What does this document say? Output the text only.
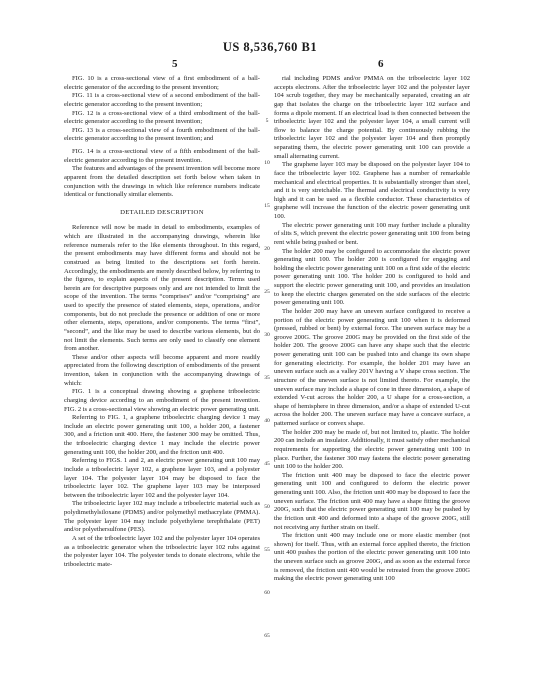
US 8,536,760 B1
5	6

FIG. 10 is a cross-sectional view of a first embodiment of a ball-electric generator of the according to the present invention;

FIG. 11 is a cross-sectional view of a second embodiment of the ball-electric generator according to the present invention;

FIG. 12 is a cross-sectional view of a third embodiment of the ball-electric generator according to the present invention;

FIG. 13 is a cross-sectional view of a fourth embodiment of the ball-electric generator according to the present invention; and

FIG. 14 is a cross-sectional view of a fifth embodiment of the ball-electric generator according to the present invention.

The features and advantages of the present invention will become more apparent from the detailed description set forth below when taken in conjunction with the drawings in which like reference numbers indicate identical or functionally similar elements.

DETAILED DESCRIPTION

Reference will now be made in detail to embodiments, examples of which are illustrated in the accompanying drawings, wherein like reference numerals refer to the like elements throughout. In this regard, the present embodiments may have different forms and should not be construed as being limited to the descriptions set forth herein. Accordingly, the embodiments are merely described below, by referring to the figures, to explain aspects of the present description. Terms used herein are for descriptive purposes only and are not intended to limit the scope of the invention. The terms “comprises” and/or “comprising” are used to specify the presence of stated elements, steps, operations, and/or components, but do not preclude the presence or addition of one or more other elements, steps, operations, and/or components. The terms “first”, “second”, and the like may be used to describe various elements, but do not limit the elements. Such terms are only used to classify one element from another.

These and/or other aspects will become apparent and more readily appreciated from the following description of embodiments of the present invention, taken in conjunction with the accompanying drawings of which:

FIG. 1 is a conceptual drawing showing a graphene triboelectric charging device according to an embodiment of the present invention. FIG. 2 is a cross-sectional view showing an electric power generating unit.

Referring to FIG. 1, a graphene triboelectric charging device 1 may include an electric power generating unit 100, a holder 200, a fastener 300, and a friction unit 400. Here, the fastener 300 may be omitted. Thus, the triboelectric charging device 1 may include the electric power generating unit 100, the holder 200, and the friction unit 400.

Referring to FIGS. 1 and 2, an electric power generating unit 100 may include a triboelectric layer 102, a graphene layer 103, and a polyester layer 104. The polyester layer 104 may be disposed to face the triboelectric layer 102. The graphene layer 103 may be interposed between the triboelectric layer 102 and the polyester layer 104.

The triboelectric layer 102 may include a triboelectric material such as polydimethylsiloxane (PDMS) and/or polymethyl methacrylate (PMMA). The polyester layer 104 may include polyethylene terephthalate (PET) and/or polyethersulfone (PES).

A set of the triboelectric layer 102 and the polyester layer 104 operates as a triboelectric generator when the triboelectric layer 102 rubs against the polyester layer 104. The polyester tends to donate electrons, while the triboelectric mate-

rial including PDMS and/or PMMA on the triboelectric layer 102 accepts electrons. After the triboelectric layer 102 and the polyester layer 104 scrub together, they may be mechanically separated, creating an air gap that isolates the charge on the triboelectric layer 102 surface and forms a dipole moment. If an electrical load is then connected between the triboelectric layer 102 and the polyester layer 104, a small current will flow to balance the charge potential. By continuously rubbing the triboelectric layer 102 and the polyester layer 104 and then promptly separating them, the electric power generating unit 100 can provide a small alternating current.

The graphene layer 103 may be disposed on the polyester layer 104 to face the triboelectric layer 102. Graphene has a number of remarkable mechanical and electrical properties. It is substantially stronger than steel, and it is very stretchable. The thermal and electrical conductivity is very high and it can be used as a flexible conductor. These characteristics of graphene will increase the function of the electric power generating unit 100.

The electric power generating unit 100 may further include a plurality of slits S, which prevent the electric power generating unit 100 from being rent while being pushed or bent.

The holder 200 may be configured to accommodate the electric power generating unit 100. The holder 200 is configured for engaging and holding the electric power generating unit 100 on a first side of the electric power generating unit 100. The holder 200 is configured to hold and support the electric power generating unit 100, and provides an insulation to keep the electric charges generated on the side surfaces of the electric power generating unit 100.

The holder 200 may have an uneven surface configured to receive a portion of the electric power generating unit 100 when it is deformed (pressed, rubbed or bent) by external force. The uneven surface may be a groove 200G. The groove 200G may be provided on the first side of the holder 200. The groove 200G can have any shape such that the electric power generating unit 100 can be pushed into and change its own shape for generating electricity. For example, the holder 201 may have an uneven surface such as a valley 201V having a V shape cross section. The structure of the uneven surface is not limited thereto. For example, the uneven surface may include a shape of cone in three dimension, a shape of extended V-cut across the holder 200, a U shape for a cross-section, a shape of hemisphere in three dimension, and/or a shape of extended U-cut across the holder 200. The uneven surface may have a concave surface, a patterned surface or convex shape.

The holder 200 may be made of, but not limited to, plastic. The holder 200 can include an insulator. Additionally, it must satisfy other mechanical requirements for supporting the electric power generating unit 100 in place. Further, the fastener 300 may fastens the electric power generating unit 100 to the holder 200.

The friction unit 400 may be disposed to face the electric power generating unit 100 and configured to deform the electric power generating unit 100. Also, the friction unit 400 may be disposed to face the uneven surface. The friction unit 400 may have a shape fitting the groove 200G, such that the electric power generating unit 100 may be pushed by the friction unit 400 and deformed into a shape of the groove 200G, still not receiving any further strain on itself.

The friction unit 400 may include one or more elastic member (not shown) for itself. Thus, with an external force applied thereto, the friction unit 400 pushes the portion of the electric power generating unit 100 into the uneven surface such as groove 200G, and as soon as the external force is removed, the friction unit 400 would be retreated from the groove 200G making the electric power generating unit 100

5
10
15
20
25
30
35
40
45
50
55
60
65
